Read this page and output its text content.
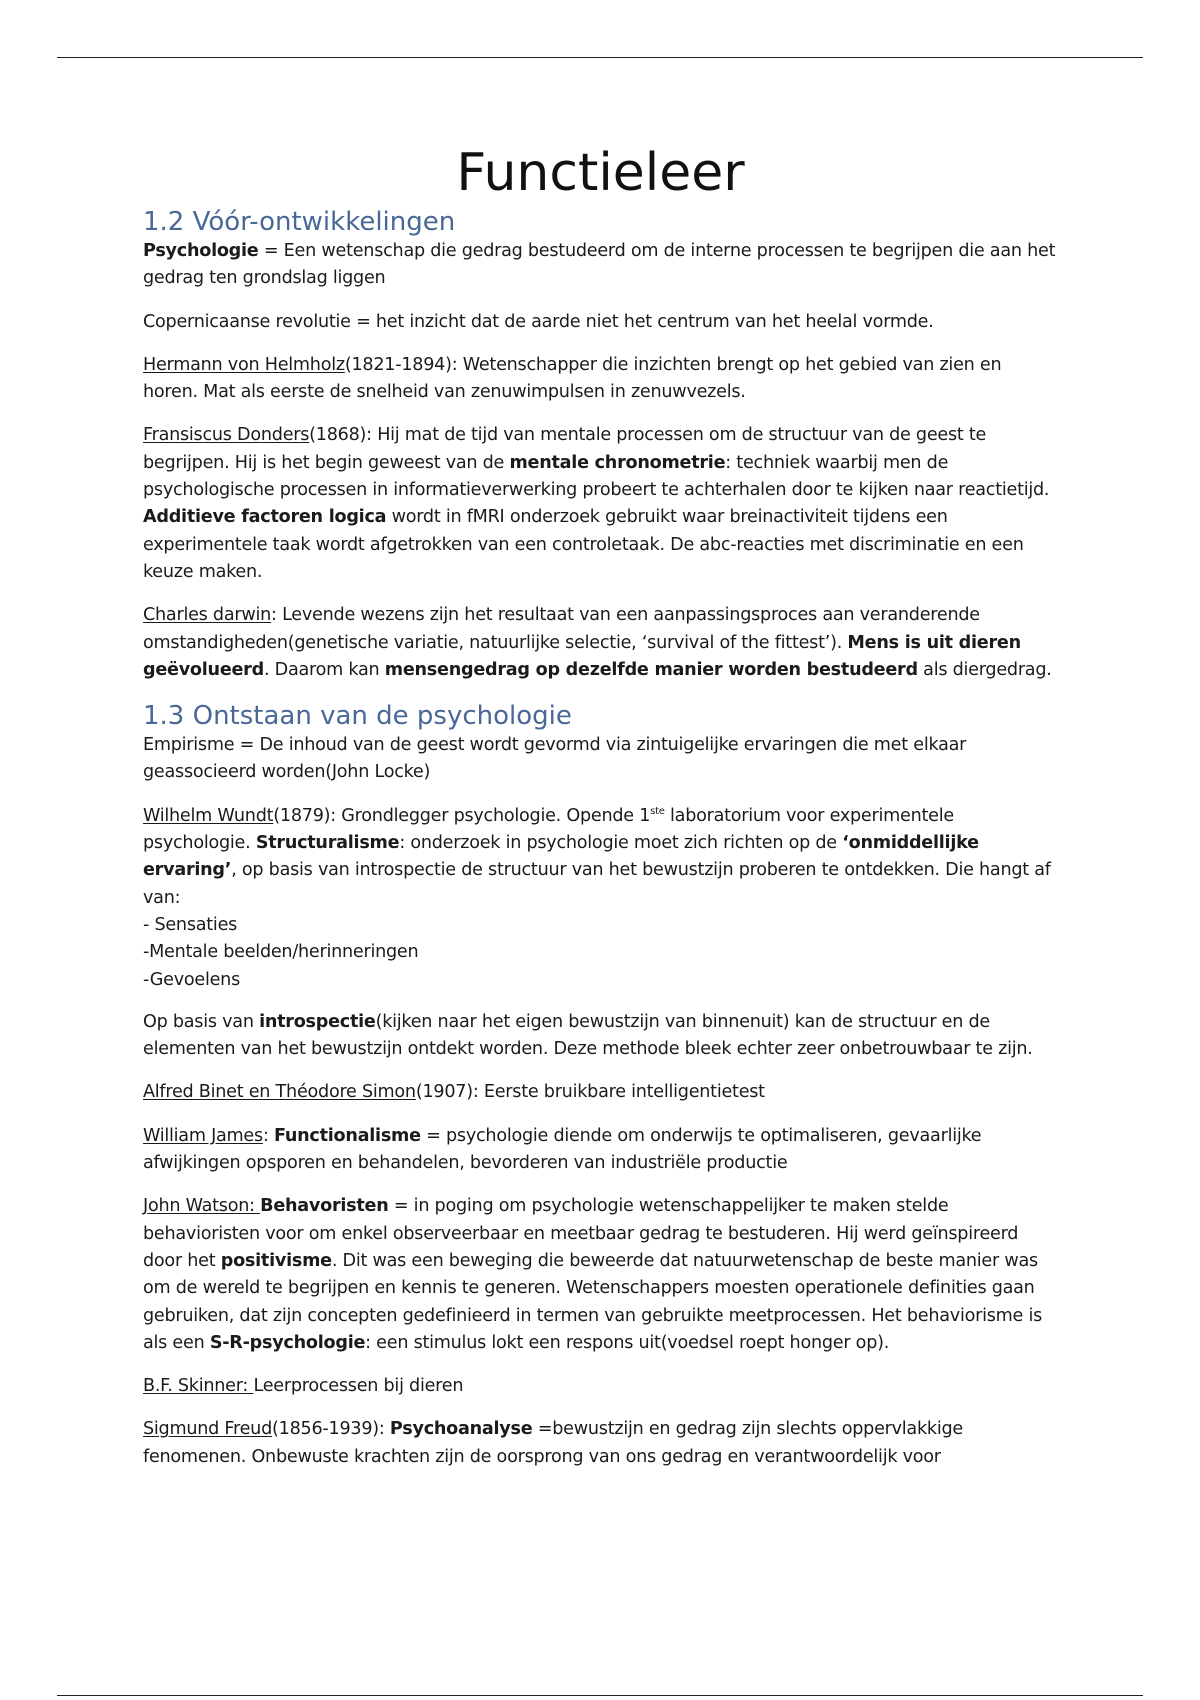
Functieleer
1.2 Vóór-ontwikkelingen

Psychologie = Een wetenschap die gedrag bestudeerd om de interne processen te begrijpen die aan het gedrag ten grondslag liggen

Copernicaanse revolutie = het inzicht dat de aarde niet het centrum van het heelal vormde.

Hermann von Helmholz(1821-1894): Wetenschapper die inzichten brengt op het gebied van zien en horen. Mat als eerste de snelheid van zenuwimpulsen in zenuwvezels.

Fransiscus Donders(1868): Hij mat de tijd van mentale processen om de structuur van de geest te begrijpen. Hij is het begin geweest van de mentale chronometrie: techniek waarbij men de psychologische processen in informatieverwerking probeert te achterhalen door te kijken naar reactietijd. Additieve factoren logica wordt in fMRI onderzoek gebruikt waar breinactiviteit tijdens een experimentele taak wordt afgetrokken van een controletaak. De abc-reacties met discriminatie en een keuze maken.

Charles darwin: Levende wezens zijn het resultaat van een aanpassingsproces aan veranderende omstandigheden(genetische variatie, natuurlijke selectie, ‘survival of the fittest’). Mens is uit dieren geëvolueerd. Daarom kan mensengedrag op dezelfde manier worden bestudeerd als diergedrag.

1.3 Ontstaan van de psychologie

Empirisme = De inhoud van de geest wordt gevormd via zintuigelijke ervaringen die met elkaar geassocieerd worden(John Locke)

Wilhelm Wundt(1879): Grondlegger psychologie. Opende 1ste laboratorium voor experimentele psychologie. Structuralisme: onderzoek in psychologie moet zich richten op de ‘onmiddellijke ervaring’, op basis van introspectie de structuur van het bewustzijn proberen te ontdekken. Die hangt af van:
- Sensaties
-Mentale beelden/herinneringen
-Gevoelens

Op basis van introspectie(kijken naar het eigen bewustzijn van binnenuit) kan de structuur en de elementen van het bewustzijn ontdekt worden. Deze methode bleek echter zeer onbetrouwbaar te zijn.

Alfred Binet en Théodore Simon(1907): Eerste bruikbare intelligentietest

William James: Functionalisme = psychologie diende om onderwijs te optimaliseren, gevaarlijke afwijkingen opsporen en behandelen, bevorderen van industriële productie

John Watson: Behavoristen = in poging om psychologie wetenschappelijker te maken stelde behavioristen voor om enkel observeerbaar en meetbaar gedrag te bestuderen. Hij werd geïnspireerd door het positivisme. Dit was een beweging die beweerde dat natuurwetenschap de beste manier was om de wereld te begrijpen en kennis te generen. Wetenschappers moesten operationele definities gaan gebruiken, dat zijn concepten gedefinieerd in termen van gebruikte meetprocessen. Het behaviorisme is als een S-R-psychologie: een stimulus lokt een respons uit(voedsel roept honger op).

B.F. Skinner: Leerprocessen bij dieren

Sigmund Freud(1856-1939): Psychoanalyse =bewustzijn en gedrag zijn slechts oppervlakkige fenomenen. Onbewuste krachten zijn de oorsprong van ons gedrag en verantwoordelijk voor
